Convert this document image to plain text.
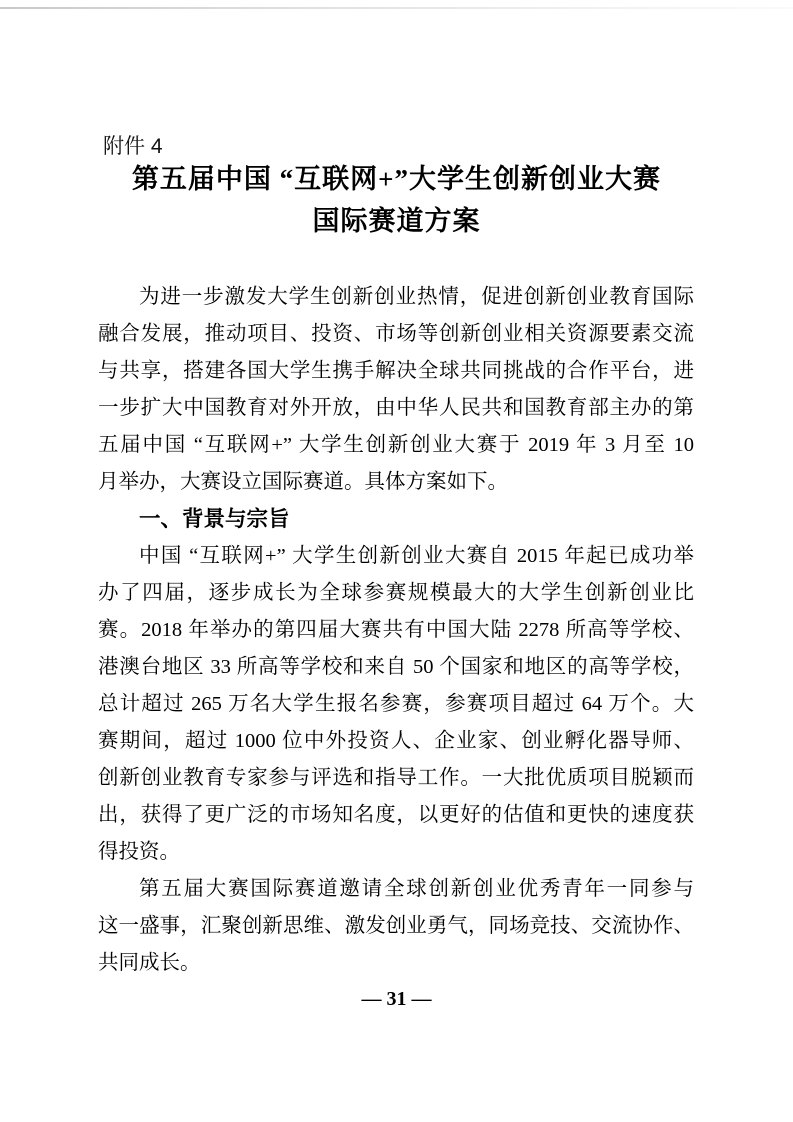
附件 4
第五届中国 “互联网+”大学生创新创业大赛
国际赛道方案
为进一步激发大学生创新创业热情，促进创新创业教育国际
融合发展，推动项目、投资、市场等创新创业相关资源要素交流
与共享，搭建各国大学生携手解决全球共同挑战的合作平台，进
一步扩大中国教育对外开放，由中华人民共和国教育部主办的第
五届中国 “互联网+” 大学生创新创业大赛于 2019 年 3 月至 10
月举办，大赛设立国际赛道。具体方案如下。
一、背景与宗旨
中国 “互联网+” 大学生创新创业大赛自 2015 年起已成功举
办了四届，逐步成长为全球参赛规模最大的大学生创新创业比
赛。2018 年举办的第四届大赛共有中国大陆 2278 所高等学校、
港澳台地区 33 所高等学校和来自 50 个国家和地区的高等学校，
总计超过 265 万名大学生报名参赛，参赛项目超过 64 万个。大
赛期间，超过 1000 位中外投资人、企业家、创业孵化器导师、
创新创业教育专家参与评选和指导工作。一大批优质项目脱颖而
出，获得了更广泛的市场知名度，以更好的估值和更快的速度获
得投资。
第五届大赛国际赛道邀请全球创新创业优秀青年一同参与
这一盛事，汇聚创新思维、激发创业勇气，同场竞技、交流协作、
共同成长。
— 31 —
